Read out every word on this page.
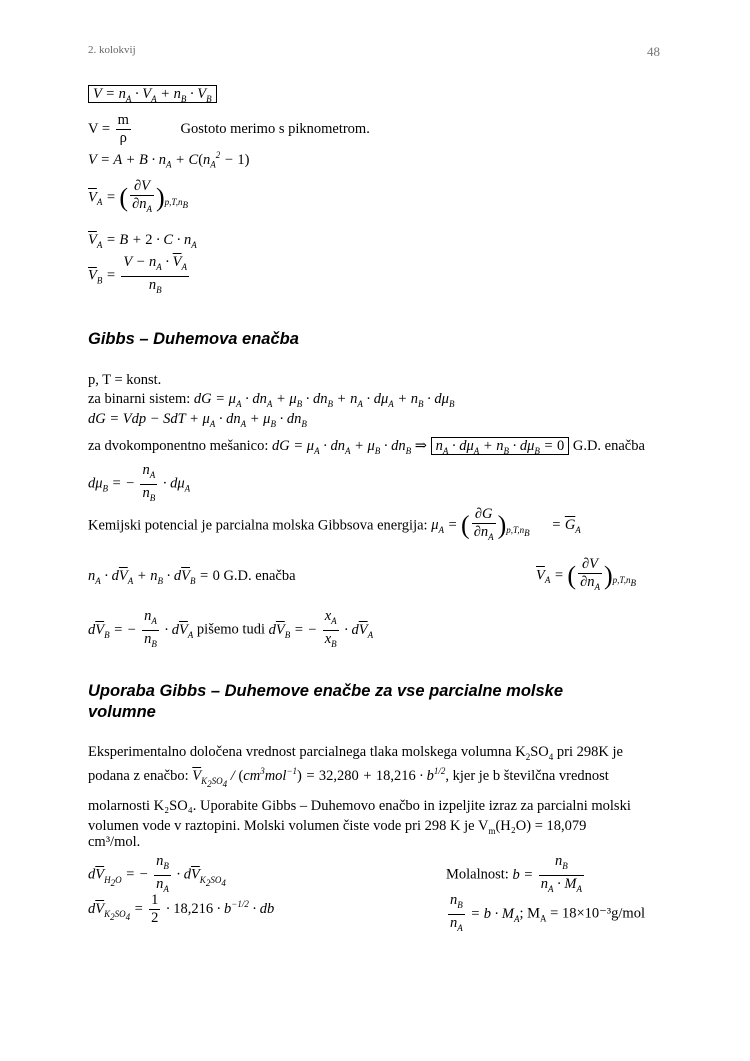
2. kolokvij	48
$V = n_A \cdot \overline{V}_A + n_B \cdot \overline{V}_B$
$V = \frac{m}{\rho}$	Gostoto merimo s piknometrom.
$V = A + B \cdot n_A + C(n_A^2 - 1)$
$\overline{V}_A$ = ( $\frac{\partial V}{\partial n_A} )_{p,T,n_B}$
$\overline{V}_A = B + 2 \cdot C \cdot n_A$
$\overline{V}_B = \frac{V - n_A \cdot \overline{V}_A}{n_B}$
Gibbs – Duhemova enačba
p, T = konst.
za binarni sistem: dG = $\mu_A \cdot dn_A + \mu_B \cdot dn_B + n_A \cdot d\mu_A + n_B \cdot d\mu_B$
dG = Vdp − SdT + $\mu_A \cdot dn_A + \mu_B \cdot dn_B$
za dvokomponentno mešanico: dG = $\mu_A \cdot dn_A + \mu_B \cdot dn_B$ ⇒ $n_A \cdot d\mu_A + n_B \cdot d\mu_B = 0$ G.D. enačba
$d\mu_B$ = − $\frac{n_A}{n_B} \cdot d\mu_A$
Kemijski potencial je parcialna molska Gibbsova energija: $\mu_A$ = ( $\frac{\partial G}{\partial n_A} )_{p,T,n_B}$      = $\overline{G}_A$
$n_A \cdot d\overline{V}_A + n_B \cdot d\overline{V}_B = 0$ G.D. enačba	$\overline{V}_A$ = ( $\frac{\partial V}{\partial n_A} )_{p,T,n_B}$
$d\overline{V}_B$ = − $\frac{n_A}{n_B} \cdot d\overline{V}_A$ pišemo tudi $d\overline{V}_B$ = − $\frac{x_A}{x_B} \cdot d\overline{V}_A$
Uporaba Gibbs – Duhemove enačbe za vse parcialne molske
volumne
Eksperimentalno določena vrednost parcialnega tlaka molskega volumna $K_2SO_4$ pri 298K je
podana z enačbo: $\overline{V}_{K_2SO_4} / (cm^3mol^{-1}) = 32,280 + 18,216 \cdot b^{1/2}$, kjer je b številčna vrednost
molarnosti K₂SO₄. Uporabite Gibbs – Duhemovo enačbo in izpeljite izraz za parcialni molski
volumen vode v raztopini. Molski volumen čiste vode pri 298 K je $V_m(H_2O) = 18,079$
cm³/mol.
$d\overline{V}_{H_2O}$ = − $\frac{n_B}{n_A} \cdot d\overline{V}_{K_2SO_4}$
$d\overline{V}_{K_2SO_4} = \frac{1}{2} \cdot 18,216 \cdot b^{-1/2}$ · db
Molalnost: $b = \frac{n_B}{n_A \cdot M_A}$
$\frac{n_B}{n_A} = b \cdot M_A$; $M_A = 18\times 10^{-3}g/mol$
